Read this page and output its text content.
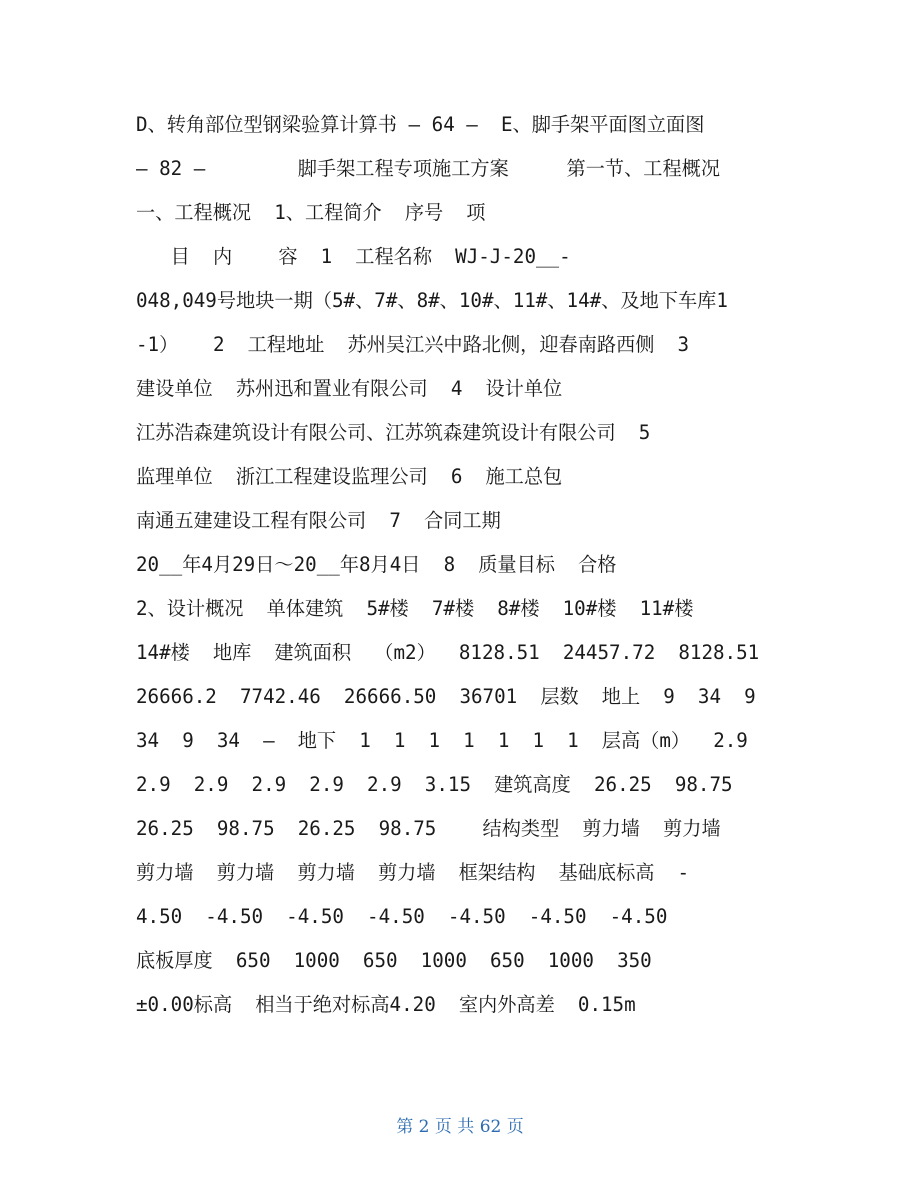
D、转角部位型钢梁验算计算书 – 64 –  E、脚手架平面图立面图
– 82 –        脚手架工程专项施工方案     第一节、工程概况
一、工程概况  1、工程简介  序号  项
目  内    容  1  工程名称  WJ-J-20__-
048,049号地块一期（5#、7#、8#、10#、11#、14#、及地下车库1
-1）   2  工程地址  苏州吴江兴中路北侧，迎春南路西侧  3
建设单位  苏州迅和置业有限公司  4  设计单位
江苏浩森建筑设计有限公司、江苏筑森建筑设计有限公司  5
监理单位  浙江工程建设监理公司  6  施工总包
南通五建建设工程有限公司  7  合同工期
20__年4月29日～20__年8月4日  8  质量目标  合格
2、设计概况  单体建筑  5#楼  7#楼  8#楼  10#楼  11#楼
14#楼  地库  建筑面积  （m2）  8128.51  24457.72  8128.51
26666.2  7742.46  26666.50  36701  层数  地上  9  34  9
34  9  34  –  地下  1  1  1  1  1  1  1  层高（m）  2.9
2.9  2.9  2.9  2.9  2.9  3.15  建筑高度  26.25  98.75
26.25  98.75  26.25  98.75    结构类型  剪力墙  剪力墙
剪力墙  剪力墙  剪力墙  剪力墙  框架结构  基础底标高  -
4.50  -4.50  -4.50  -4.50  -4.50  -4.50  -4.50
底板厚度  650  1000  650  1000  650  1000  350
±0.00标高  相当于绝对标高4.20  室内外高差  0.15m
第 2 页 共 62 页
